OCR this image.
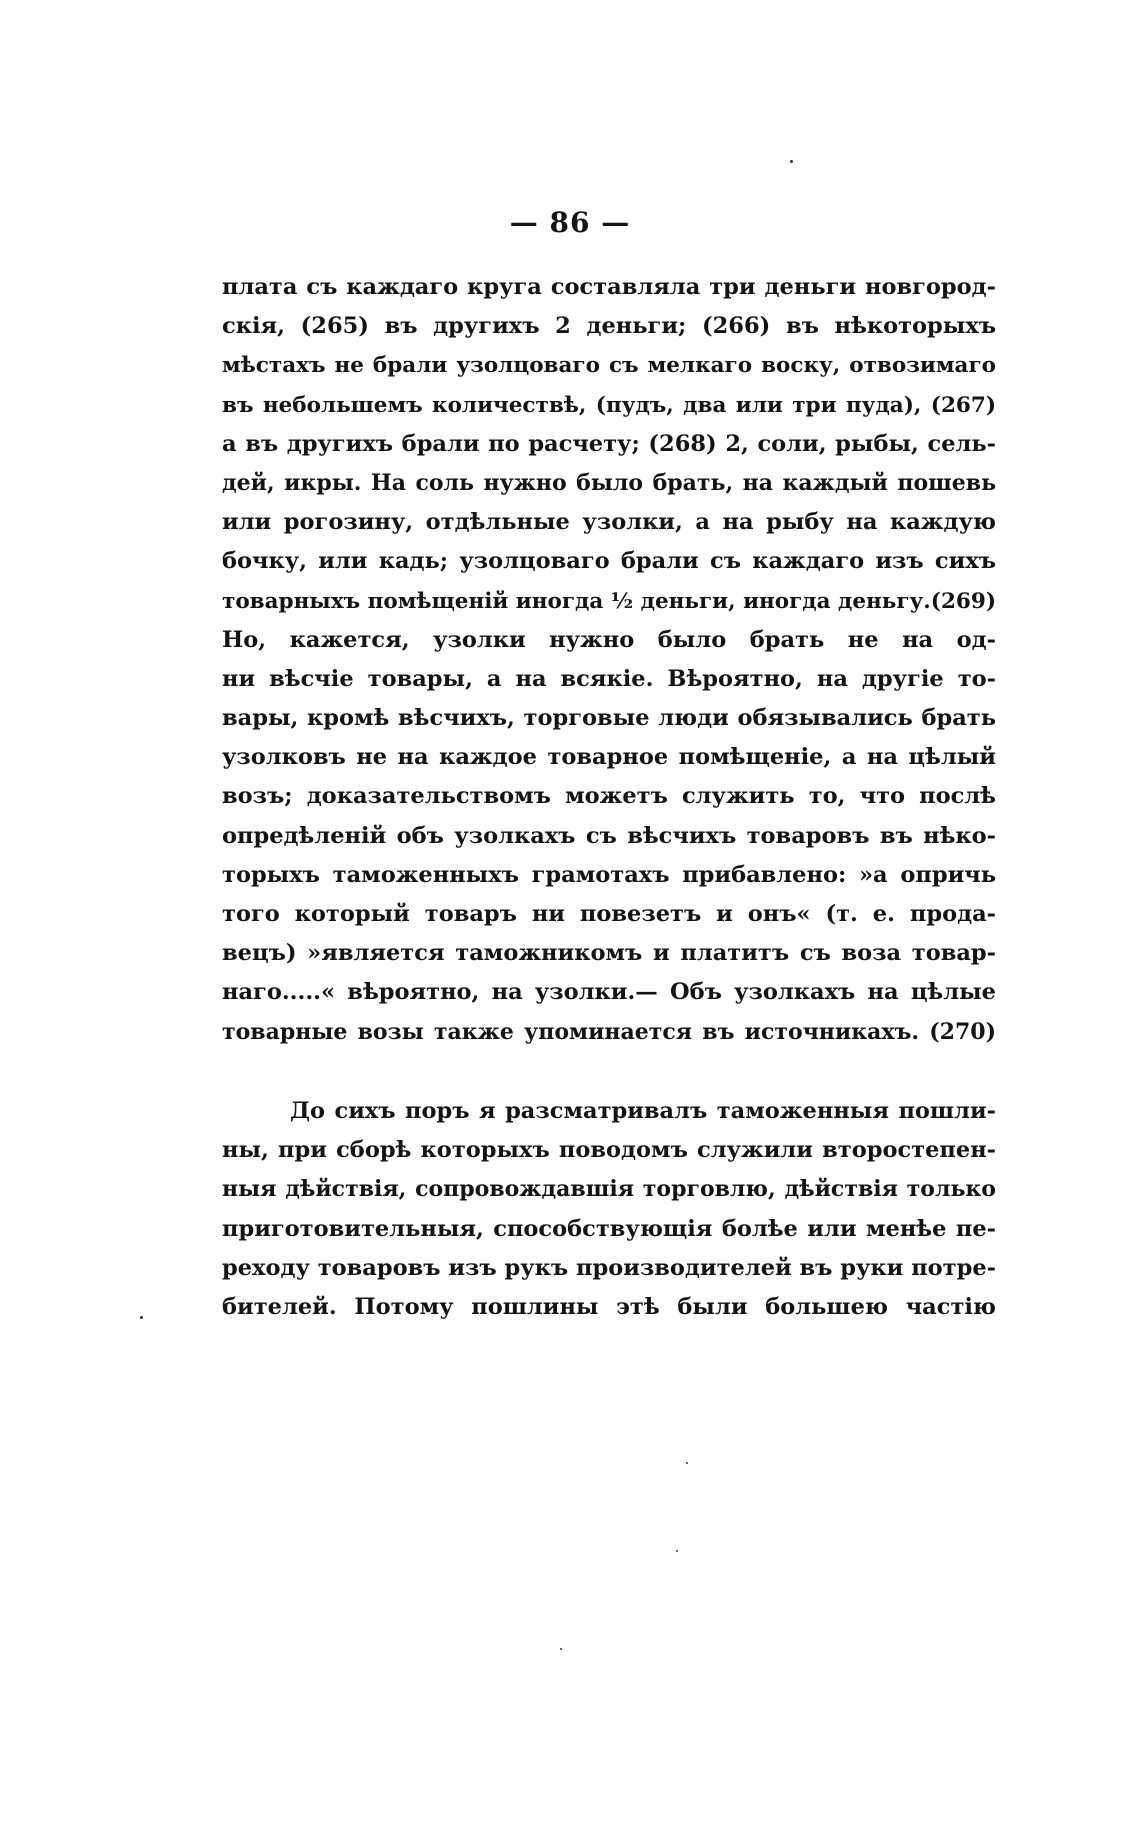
— 86 —
плата съ каждаго круга составляла три деньги новгород-
скія, (265) въ другихъ 2 деньги; (266) въ нѣкоторыхъ
мѣстахъ не брали узолцоваго съ мелкаго воску, отвозимаго
въ небольшемъ количествѣ, (пудъ, два или три пуда), (267)
а въ другихъ брали по расчету; (268) 2, соли, рыбы, сель-
дей, икры. На соль нужно было брать, на каждый пошевь
или рогозину, отдѣльные узолки, а на рыбу на каждую
бочку, или кадь; узолцоваго брали съ каждаго изъ сихъ
товарныхъ помѣщеній иногда ½ деньги, иногда деньгу.(269)
Но, кажется, узолки нужно было брать не на од-
ни вѣсчіе товары, а на всякіе. Вѣроятно, на другіе то-
вары, кромѣ вѣсчихъ, торговые люди обязывались брать
узолковъ не на каждое товарное помѣщеніе, а на цѣлый
возъ; доказательствомъ можетъ служить то, что послѣ
опредѣленій объ узолкахъ съ вѣсчихъ товаровъ въ нѣко-
торыхъ таможенныхъ грамотахъ прибавлено: »а опричь
того который товаръ ни повезетъ и онъ« (т. е. прода-
вецъ) »является таможникомъ и платитъ съ воза товар-
наго.....« вѣроятно, на узолки.— Объ узолкахъ на цѣлые
товарные возы также упоминается въ источникахъ. (270)
До сихъ поръ я разсматривалъ таможенныя пошли-
ны, при сборѣ которыхъ поводомъ служили второстепен-
ныя дѣйствія, сопровождавшія торговлю, дѣйствія только
приготовительныя, способствующія болѣе или менѣе пе-
реходу товаровъ изъ рукъ производителей въ руки потре-
бителей. Потому пошлины этѣ были большею частію
